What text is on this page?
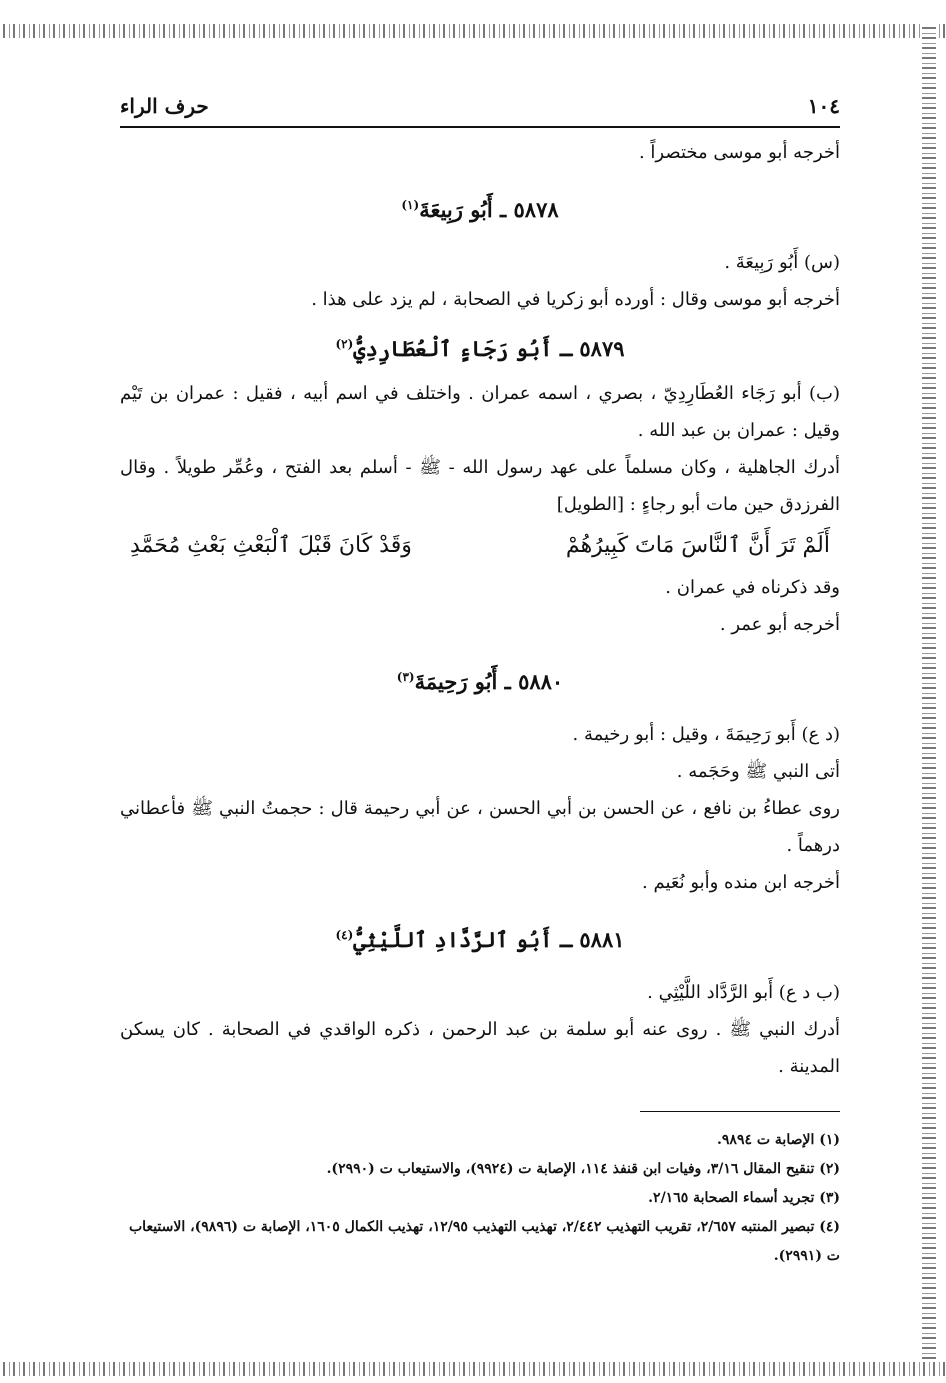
١٠٤
حرف الراء

أخرجه أبو موسى مختصراً .

٥٨٧٨ ـ أَبُو رَبِيعَةَ$^{(١)}$

(س) أَبُو رَبِيعَةَ .

أخرجه أبو موسى وقال : أورده أبو زكريا في الصحابة ، لم يزد على هذا .

٥٨٧٩ ـ أَبُو رَجَاءٍ ٱلْعُطَارِدِيُّ$^{(٢)}$

(ب) أبو رَجَاء العُطَارِدِيّ ، بصري ، اسمه عمران . واختلف في اسم أبيه ، فقيل : عمران بن تَيْم وقيل : عمران بن عبد الله .

أدرك الجاهلية ، وكان مسلماً على عهد رسول الله - ﷺ - أسلم بعد الفتح ، وعُمِّر طويلاً . وقال الفرزدق حين مات أبو رجاءٍ : [الطويل]

أَلَمْ تَرَ أَنَّ ٱلنَّاسَ مَاتَ كَبِيرُهُمْ
وَقَدْ كَانَ قَبْلَ ٱلْبَعْثِ بَعْثِ مُحَمَّدِ

وقد ذكرناه في عمران .

أخرجه أبو عمر .

٥٨٨٠ ـ أَبُو رَحِيمَةَ$^{(٣)}$

(د ع) أَبو رَحِيمَةَ ، وقيل : أبو رخيمة .

أتى النبي ﷺ وحَجَمه .

روى عطاءُ بن نافع ، عن الحسن بن أبي الحسن ، عن أبي رحيمة قال : حجمتُ النبي ﷺ فأعطاني درهماً .

أخرجه ابن منده وأبو نُعَيم .

٥٨٨١ ـ أَبُو ٱلرَّدَّادِ ٱللَّيْثِيُّ$^{(٤)}$

(ب د ع) أَبو الرَّدَّاد اللَّيْثِي .

أدرك النبي ﷺ . روى عنه أبو سلمة بن عبد الرحمن ، ذكره الواقدي في الصحابة . كان يسكن المدينة .

(١) الإصابة ت ٩٨٩٤.

(٢) تنقيح المقال ٣/١٦، وفيات ابن قنفذ ١١٤، الإصابة ت (٩٩٢٤)، والاستيعاب ت (٢٩٩٠).

(٣) تجريد أسماء الصحابة ٢/١٦٥.

(٤) تبصير المنتبه ٢/٦٥٧، تقريب التهذيب ٢/٤٤٢، تهذيب التهذيب ١٢/٩٥، تهذيب الكمال ١٦٠٥، الإصابة ت (٩٨٩٦)، الاستيعاب ت (٢٩٩١).
